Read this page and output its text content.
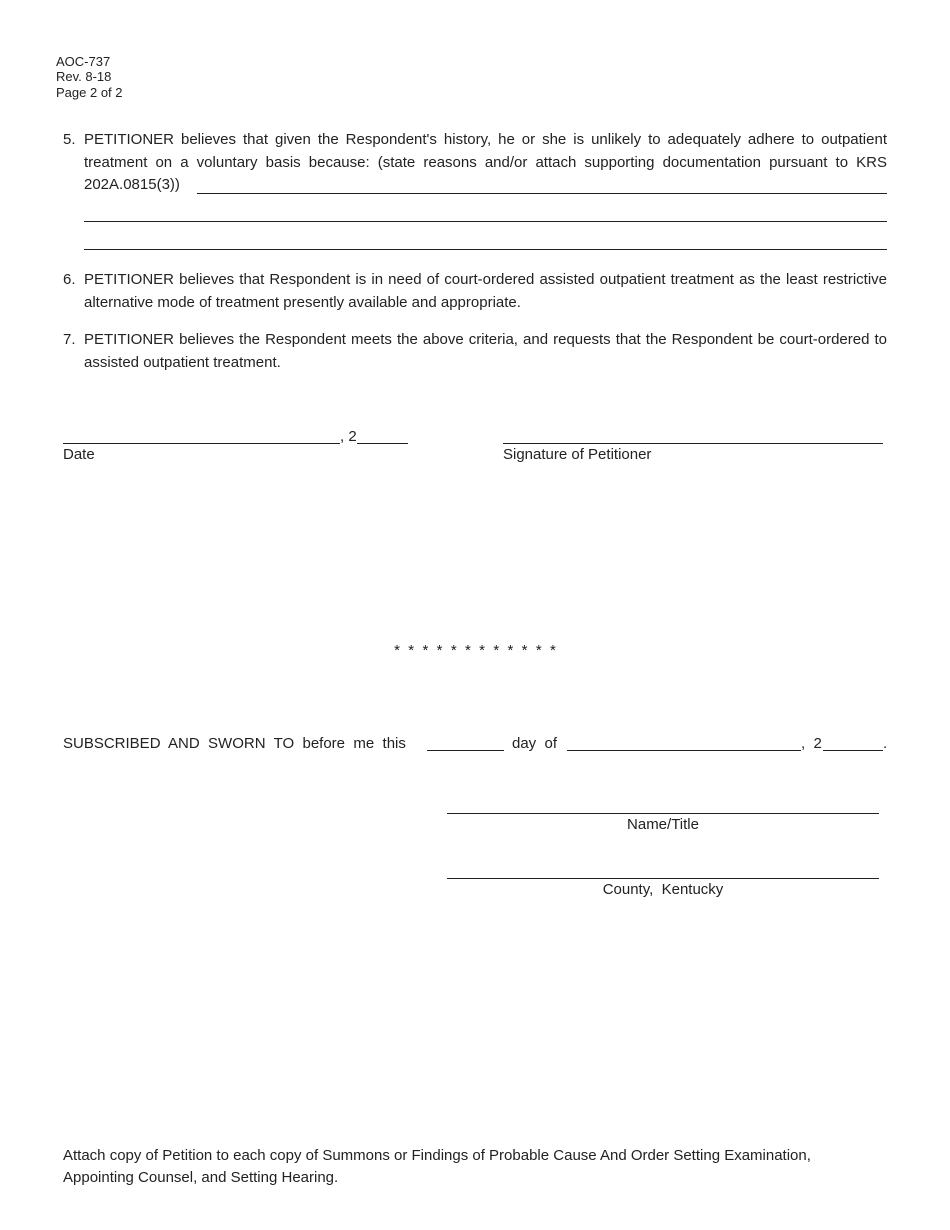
AOC-737
Rev. 8-18
Page 2 of 2
5. PETITIONER believes that given the Respondent's history, he or she is unlikely to adequately adhere to outpatient treatment on a voluntary basis because: (state reasons and/or attach supporting documentation pursuant to KRS 202A.0815(3))
6. PETITIONER believes that Respondent is in need of court-ordered assisted outpatient treatment as the least restrictive alternative mode of treatment presently available and appropriate.
7. PETITIONER believes the Respondent meets the above criteria, and requests that the Respondent be court-ordered to assisted outpatient treatment.
, 2
Date	Signature of Petitioner
*  *  *  *  *  *  *  *  *  *  *  *
SUBSCRIBED  AND  SWORN  TO  before  me  this	day  of	,  2	.
Name/Title
County,  Kentucky
Attach copy of Petition to each copy of Summons or Findings of Probable Cause And Order Setting Examination,
Appointing Counsel, and Setting Hearing.
